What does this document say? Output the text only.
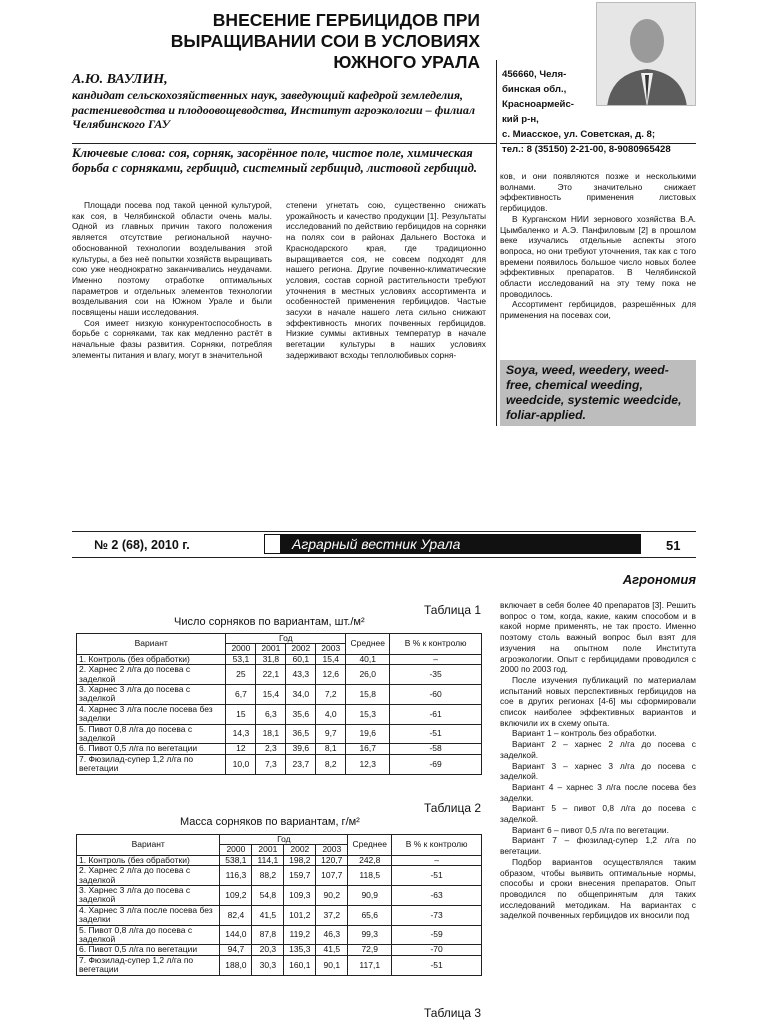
ВНЕСЕНИЕ ГЕРБИЦИДОВ ПРИ
ВЫРАЩИВАНИИ СОИ В УСЛОВИЯХ
ЮЖНОГО УРАЛА
А.Ю. ВАУЛИН,
кандидат сельскохозяйственных наук, заведующий кафедрой земледелия, растениеводства и плодоовощеводства, Институт агроэкологии – филиал Челябинского ГАУ
456660, Челя-
бинская обл.,
Красноармейс-
кий р-н,
с. Миасское, ул. Советская, д. 8;
тел.: 8 (35150) 2-21-00, 8-9080965428
Ключевые слова: соя, сорняк, засорённое поле, чистое поле, химическая борьба с сорняками, гербицид, системный гербицид, листовой гербицид.

Площади посева под такой ценной культурой, как соя, в Челябинской области очень малы. Одной из главных причин такого положения является отсутствие региональной научно-обоснованной технологии возделывания этой культуры, а без неё попытки хозяйств выращивать сою уже неоднократно заканчивались неудачами. Именно поэтому отработке оптимальных параметров и отдельных элементов технологии возделывания сои на Южном Урале и были посвящены наши исследования.

Соя имеет низкую конкурентоспособность в борьбе с сорняками, так как медленно растёт в начальные фазы развития. Сорняки, потребляя элементы питания и влагу, могут в значительной

степени угнетать сою, существенно снижать урожайность и качество продукции [1]. Результаты исследований по действию гербицидов на сорняки на полях сои в районах Дальнего Востока и Краснодарского края, где традиционно выращивается соя, не совсем подходят для нашего региона. Другие почвенно-климатические условия, состав сорной растительности требуют уточнения в местных условиях ассортимента и особенностей применения гербицидов. Частые засухи в начале нашего лета сильно снижают эффективность многих почвенных гербицидов. Низкие суммы активных температур в начале вегетации культуры в наших условиях задерживают всходы теплолюбивых сорня-

ков, и они появляются позже и несколькими волнами. Это значительно снижает эффективность применения листовых гербицидов.

В Курганском НИИ зернового хозяйства В.А. Цымбаленко и А.Э. Панфиловым [2] в прошлом веке изучались отдельные аспекты этого вопроса, но они требуют уточнения, так как с того времени появилось большое число новых более эффективных препаратов. В Челябинской области исследований на эту тему пока не проводилось.

Ассортимент гербицидов, разрешённых для применения на посевах сои,

Soya, weed, weedery, weed-free, chemical weeding, weedcide, systemic weedcide, foliar-applied.
№ 2 (68), 2010 г.	Аграрный вестник Урала	51
Агрономия
Таблица 1
Число сорняков по вариантам, шт./м²
Вариант	Год				Среднее	В % к контролю
	2000	2001	2002	2003		
1. Контроль (без обработки)	53,1	31,8	60,1	15,4	40,1	–
2. Харнес 2 л/га до посева с заделкой	25	22,1	43,3	12,6	26,0	-35
3. Харнес 3 л/га до посева с заделкой	6,7	15,4	34,0	7,2	15,8	-60
4. Харнес 3 л/га после посева без заделки	15	6,3	35,6	4,0	15,3	-61
5. Пивот 0,8 л/га до посева с заделкой	14,3	18,1	36,5	9,7	19,6	-51
6. Пивот 0,5 л/га по вегетации	12	2,3	39,6	8,1	16,7	-58
7. Фюзилад-супер 1,2 л/га по вегетации	10,0	7,3	23,7	8,2	12,3	-69
Таблица 2
Масса сорняков по вариантам, г/м²
Вариант	Год				Среднее	В % к контролю
	2000	2001	2002	2003		
1. Контроль (без обработки)	538,1	114,1	198,2	120,7	242,8	–
2. Харнес 2 л/га до посева с заделкой	116,3	88,2	159,7	107,7	118,5	-51
3. Харнес 3 л/га до посева с заделкой	109,2	54,8	109,3	90,2	90,9	-63
4. Харнес 3 л/га после посева без заделки	82,4	41,5	101,2	37,2	65,6	-73
5. Пивот 0,8 л/га до посева с заделкой	144,0	87,8	119,2	46,3	99,3	-59
6. Пивот 0,5 л/га по вегетации	94,7	20,3	135,3	41,5	72,9	-70
7. Фюзилад-супер 1,2 л/га по вегетации	188,0	30,3	160,1	90,1	117,1	-51
Таблица 3

включает в себя более 40 препаратов [3]. Решить вопрос о том, когда, какие, каким способом и в какой норме применять, не так просто. Именно поэтому столь важный вопрос был взят для изучения на опытном поле Института агроэкологии. Опыт с гербицидами проводился с 2000 по 2003 год.

После изучения публикаций по материалам испытаний новых перспективных гербицидов на сое в других регионах [4-6] мы сформировали список наиболее эффективных вариантов и включили их в схему опыта.

Вариант 1 – контроль без обработки.

Вариант 2 – харнес 2 л/га до посева с заделкой.

Вариант 3 – харнес 3 л/га до посева с заделкой.

Вариант 4 – харнес 3 л/га после посева без заделки.

Вариант 5 – пивот 0,8 л/га до посева с заделкой.

Вариант 6 – пивот 0,5 л/га по вегетации.

Вариант 7 – фюзилад-супер 1,2 л/га по вегетации.

Подбор вариантов осуществлялся таким образом, чтобы выявить оптимальные нормы, способы и сроки внесения препаратов. Опыт проводился по общепринятым для таких исследований методикам. На вариантах с заделкой почвенных гербицидов их вносили под
